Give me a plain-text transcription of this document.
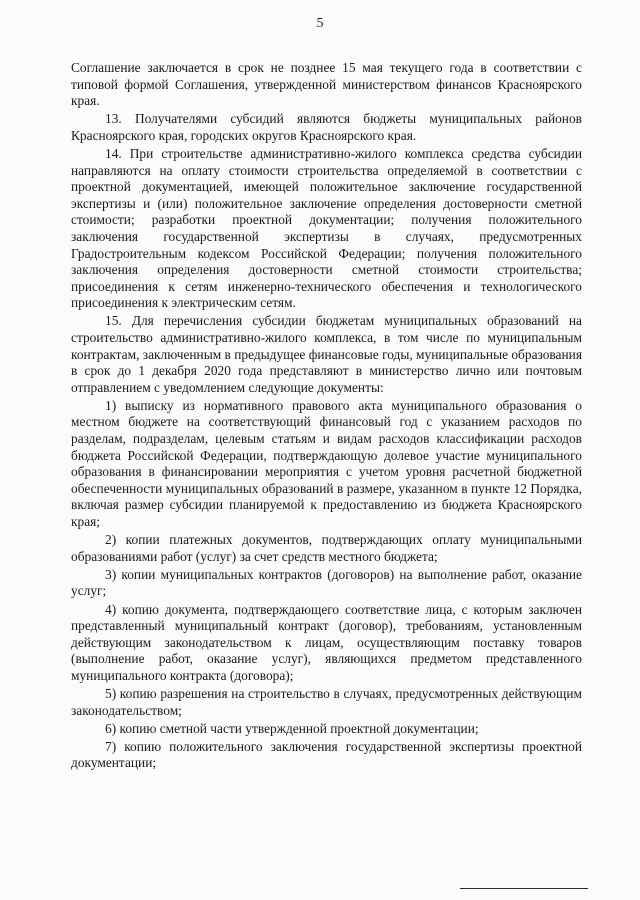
5

Соглашение заключается в срок не позднее 15 мая текущего года в соответствии с типовой формой Соглашения, утвержденной министерством финансов Красноярского края.

13. Получателями субсидий являются бюджеты муниципальных районов Красноярского края, городских округов Красноярского края.

14. При строительстве административно-жилого комплекса средства субсидии направляются на оплату стоимости строительства определяемой в соответствии с проектной документацией, имеющей положительное заключение государственной экспертизы и (или) положительное заключение определения достоверности сметной стоимости; разработки проектной документации; получения положительного заключения государственной экспертизы в случаях, предусмотренных Градостроительным кодексом Российской Федерации; получения положительного заключения определения достоверности сметной стоимости строительства; присоединения к сетям инженерно-технического обеспечения и технологического присоединения к электрическим сетям.

15. Для перечисления субсидии бюджетам муниципальных образований на строительство административно-жилого комплекса, в том числе по муниципальным контрактам, заключенным в предыдущее финансовые годы, муниципальные образования в срок до 1 декабря 2020 года представляют в министерство лично или почтовым отправлением с уведомлением следующие документы:

1) выписку из нормативного правового акта муниципального образования о местном бюджете на соответствующий финансовый год с указанием расходов по разделам, подразделам, целевым статьям и видам расходов классификации расходов бюджета Российской Федерации, подтверждающую долевое участие муниципального образования в финансировании мероприятия с учетом уровня расчетной бюджетной обеспеченности муниципальных образований в размере, указанном в пункте 12 Порядка, включая размер субсидии планируемой к предоставлению из бюджета Красноярского края;

2) копии платежных документов, подтверждающих оплату муниципальными образованиями работ (услуг) за счет средств местного бюджета;

3) копии муниципальных контрактов (договоров) на выполнение работ, оказание услуг;

4) копию документа, подтверждающего соответствие лица, с которым заключен представленный муниципальный контракт (договор), требованиям, установленным действующим законодательством к лицам, осуществляющим поставку товаров (выполнение работ, оказание услуг), являющихся предметом представленного муниципального контракта (договора);

5) копию разрешения на строительство в случаях, предусмотренных действующим законодательством;

6) копию сметной части утвержденной проектной документации;

7) копию положительного заключения государственной экспертизы проектной документации;
